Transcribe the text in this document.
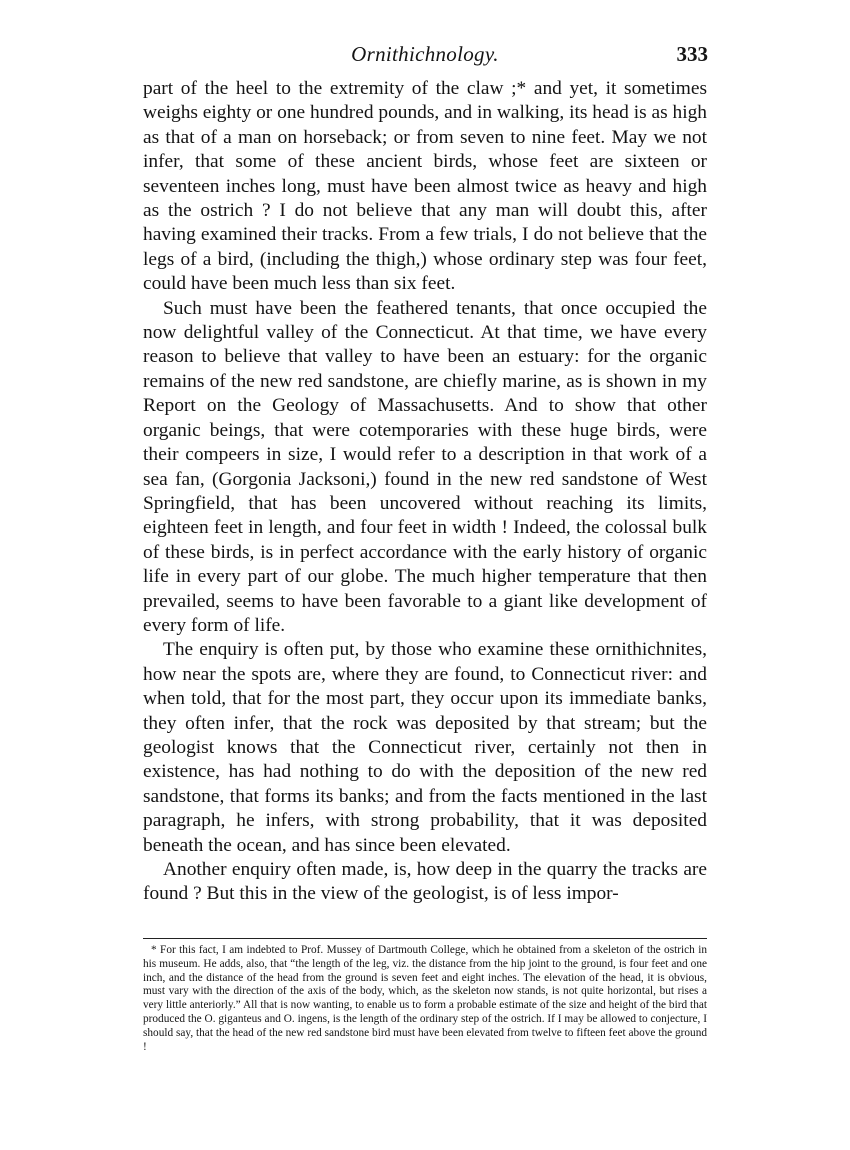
Ornithichnology.	333

part of the heel to the extremity of the claw ;* and yet, it sometimes weighs eighty or one hundred pounds, and in walking, its head is as high as that of a man on horseback; or from seven to nine feet. May we not infer, that some of these ancient birds, whose feet are sixteen or seventeen inches long, must have been almost twice as heavy and high as the ostrich ? I do not believe that any man will doubt this, after having examined their tracks. From a few trials, I do not believe that the legs of a bird, (including the thigh,) whose ordinary step was four feet, could have been much less than six feet.

Such must have been the feathered tenants, that once occupied the now delightful valley of the Connecticut. At that time, we have every reason to believe that valley to have been an estuary: for the organic remains of the new red sandstone, are chiefly marine, as is shown in my Report on the Geology of Massachusetts. And to show that other organic beings, that were cotemporaries with these huge birds, were their compeers in size, I would refer to a description in that work of a sea fan, (Gorgonia Jacksoni,) found in the new red sandstone of West Springfield, that has been uncovered without reaching its limits, eighteen feet in length, and four feet in width ! Indeed, the colossal bulk of these birds, is in perfect accordance with the early history of organic life in every part of our globe. The much higher temperature that then prevailed, seems to have been favorable to a giant like development of every form of life.

The enquiry is often put, by those who examine these ornithichnites, how near the spots are, where they are found, to Connecticut river: and when told, that for the most part, they occur upon its immediate banks, they often infer, that the rock was deposited by that stream; but the geologist knows that the Connecticut river, certainly not then in existence, has had nothing to do with the deposition of the new red sandstone, that forms its banks; and from the facts mentioned in the last paragraph, he infers, with strong probability, that it was deposited beneath the ocean, and has since been elevated.

Another enquiry often made, is, how deep in the quarry the tracks are found ? But this in the view of the geologist, is of less impor-

* For this fact, I am indebted to Prof. Mussey of Dartmouth College, which he obtained from a skeleton of the ostrich in his museum. He adds, also, that “the length of the leg, viz. the distance from the hip joint to the ground, is four feet and one inch, and the distance of the head from the ground is seven feet and eight inches. The elevation of the head, it is obvious, must vary with the direction of the axis of the body, which, as the skeleton now stands, is not quite horizontal, but rises a very little anteriorly.” All that is now wanting, to enable us to form a probable estimate of the size and height of the bird that produced the O. giganteus and O. ingens, is the length of the ordinary step of the ostrich. If I may be allowed to conjecture, I should say, that the head of the new red sandstone bird must have been elevated from twelve to fifteen feet above the ground !
